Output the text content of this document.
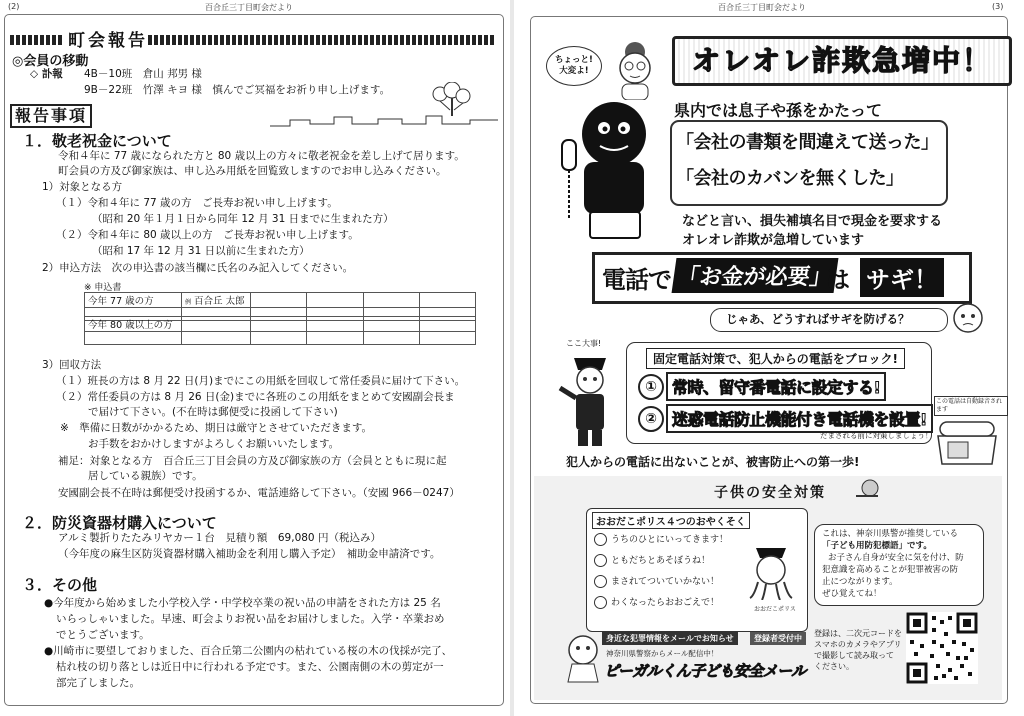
(2)	百合丘三丁目町会だより
町会報告
◎会員の移動
◇ 訃報 4B－10班　倉山 邦男 様
9B－22班　竹澤 キヨ 様　慎んでご冥福をお祈り申し上げます。
報告事項
１．敬老祝金について
令和４年に 77 歳になられた方と 80 歳以上の方々に敬老祝金を差し上げて居ります。
町会員の方及び御家族は、申し込み用紙を回覧致しますのでお申し込みください。
1）対象となる方
（１）令和４年に 77 歳の方　ご長寿お祝い申し上げます。
（昭和 20 年１月１日から同年 12 月 31 日までに生まれた方）
（２）令和４年に 80 歳以上の方　ご長寿お祝い申し上げます。
（昭和 17 年 12 月 31 日以前に生まれた方）
2）申込方法　次の申込書の該当欄に氏名のみ記入してください。
※ 申込書
今年 77 歳の方	例 百合丘 太郎				

今年 80 歳以上の方					

3）回収方法
（１）班長の方は 8 月 22 日(月)までにこの用紙を回収して常任委員に届けて下さい。
（２）常任委員の方は 8 月 26 日(金)までに各班のこの用紙をまとめて安國副会長ま
で届けて下さい。(不在時は郵便受に投函して下さい)
※　準備に日数がかかるため、期日は厳守とさせていただきます。
お手数をおかけしますがよろしくお願いいたします。
補足：対象となる方　百合丘三丁目会員の方及び御家族の方（会員とともに現に起
居している親族）です。
安國副会長不在時は郵便受け投函するか、電話連絡して下さい。（安國 966－0247）
２．防災資器材購入について
アルミ製折りたたみリヤカー１台　見積り額　69,080 円（税込み）
（今年度の麻生区防災資器材購入補助金を利用し購入予定）　補助金申請済です。
３．その他
●今年度から始めました小学校入学・中学校卒業の祝い品の申請をされた方は 25 名
いらっしゃいました。早速、町会よりお祝い品をお届けしました。入学・卒業おめ
でとうございます。
●川崎市に要望しておりました、百合丘第二公園内の枯れている桜の木の伐採が完了、
枯れ枝の切り落としは近日中に行われる予定です。また、公園南側の木の剪定が一
部完了しました。
百合丘三丁目町会だより	(3)
ちょっと!
大変よ!	オレオレ詐欺急増中！
県内では息子や孫をかたって
「会社の書類を間違えて送った」
「会社のカバンを無くした」
などと言い、損失補填名目で現金を要求する
オレオレ詐欺が急増しています
電話で 「お金が必要」
は サギ！
じゃあ、どうすればサギを防げる？
ここ大事!
固定電話対策で、犯人からの電話をブロック!
① 常時、留守番電話に設定する!
② 迷惑電話防止機能付き電話機を設置!
だまされる前に対策しましょう！
この電話は自動録音されます
犯人からの電話に出ないことが、被害防止への第一歩!
子供の安全対策
おおだこポリス４つのおやくそく
うちのひとにいってきます！
ともだちとあそぼうね！
まされてついていかない！
わくなったらおおごえで！
おおだこポリス
これは、神奈川県警が推奨している
「子ども用防犯標語」です。
お子さん自身が安全に気を付け、防
犯意識を高めることが犯罪被害の防
止につながります。
ぜひ覚えてね！
身近な犯罪情報をメールでお知らせ
神奈川県警察からメール配信中！
ピーガルくん子ども安全メール
登録者受付中
登録は、二次元コードを
スマホのカメラやアプリ
で撮影して読み取って
ください。
